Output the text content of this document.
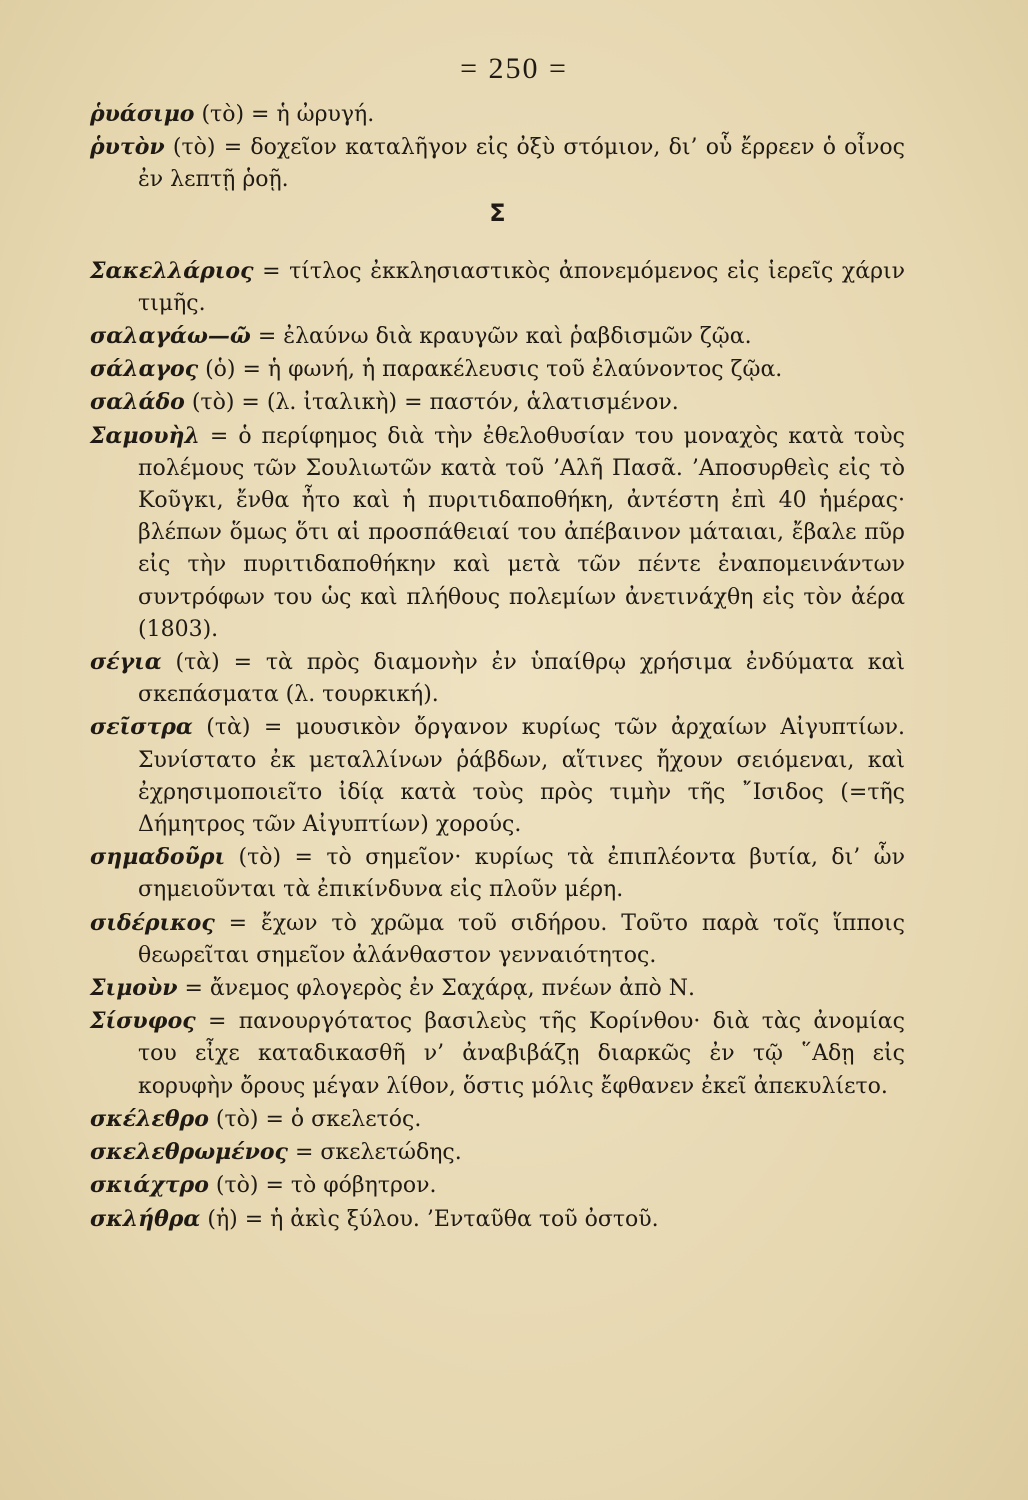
= 250 =
ῥυάσιμο (τὸ) = ἡ ὠρυγή.
ῥυτὸν (τὸ) = δοχεῖον καταλῆγον εἰς ὀξὺ στόμιον, δι’ οὗ ἔρρεεν ὁ οἶνος ἐν λεπτῇ ῥοῇ.
Σ
Σακελλάριος = τίτλος ἐκκλησιαστικὸς ἀπονεμόμενος εἰς ἱερεῖς χάριν τιμῆς.
σαλαγάω—ῶ = ἐλαύνω διὰ κραυγῶν καὶ ῥαβδισμῶν ζῷα.
σάλαγος (ὁ) = ἡ φωνή, ἡ παρακέλευσις τοῦ ἐλαύνοντος ζῷα.
σαλάδο (τὸ) = (λ. ἰταλικὴ) = παστόν, ἁλατισμένον.
Σαμουὴλ = ὁ περίφημος διὰ τὴν ἐθελοθυσίαν του μοναχὸς κατὰ τοὺς πολέμους τῶν Σουλιωτῶν κατὰ τοῦ ’Αλῆ Πασᾶ. ’Αποσυρθεὶς εἰς τὸ Κοῦγκι, ἔνθα ἦτο καὶ ἡ πυριτιδαποθήκη, ἀντέστη ἐπὶ 40 ἡμέρας· βλέπων ὅμως ὅτι αἱ προσπάθειαί του ἀπέβαινον μάταιαι, ἔβαλε πῦρ εἰς τὴν πυριτιδαποθήκην καὶ μετὰ τῶν πέντε ἐναπομεινάντων συντρόφων του ὡς καὶ πλήθους πολεμίων ἀνετινάχθη εἰς τὸν ἀέρα (1803).
σέγια (τὰ) = τὰ πρὸς διαμονὴν ἐν ὑπαίθρῳ χρήσιμα ἐνδύματα καὶ σκεπάσματα (λ. τουρκική).
σεῖστρα (τὰ) = μουσικὸν ὄργανον κυρίως τῶν ἀρχαίων Αἰγυπτίων. Συνίστατο ἐκ μεταλλίνων ῥάβδων, αἵτινες ἤχουν σειόμεναι, καὶ ἐχρησιμοποιεῖτο ἰδίᾳ κατὰ τοὺς πρὸς τιμὴν τῆς ῎Ισιδος (=τῆς Δήμητρος τῶν Αἰγυπτίων) χορούς.
σημαδοῦρι (τὸ) = τὸ σημεῖον· κυρίως τὰ ἐπιπλέοντα βυτία, δι’ ὧν σημειοῦνται τὰ ἐπικίνδυνα εἰς πλοῦν μέρη.
σιδέρικος = ἔχων τὸ χρῶμα τοῦ σιδήρου. Τοῦτο παρὰ τοῖς ἵπποις θεωρεῖται σημεῖον ἀλάνθαστον γενναιότητος.
Σιμοὺν = ἄνεμος φλογερὸς ἐν Σαχάρᾳ, πνέων ἀπὸ Ν.
Σίσυφος = πανουργότατος βασιλεὺς τῆς Κορίνθου· διὰ τὰς ἀνομίας του εἶχε καταδικασθῆ ν’ ἀναβιβάζῃ διαρκῶς ἐν τῷ ῞Αδῃ εἰς κορυφὴν ὄρους μέγαν λίθον, ὅστις μόλις ἔφθανεν ἐκεῖ ἀπεκυλίετο.
σκέλεθρο (τὸ) = ὁ σκελετός.
σκελεθρωμένος = σκελετώδης.
σκιάχτρο (τὸ) = τὸ φόβητρον.
σκλήθρα (ἡ) = ἡ ἀκὶς ξύλου. ’Ενταῦθα τοῦ ὀστοῦ.
